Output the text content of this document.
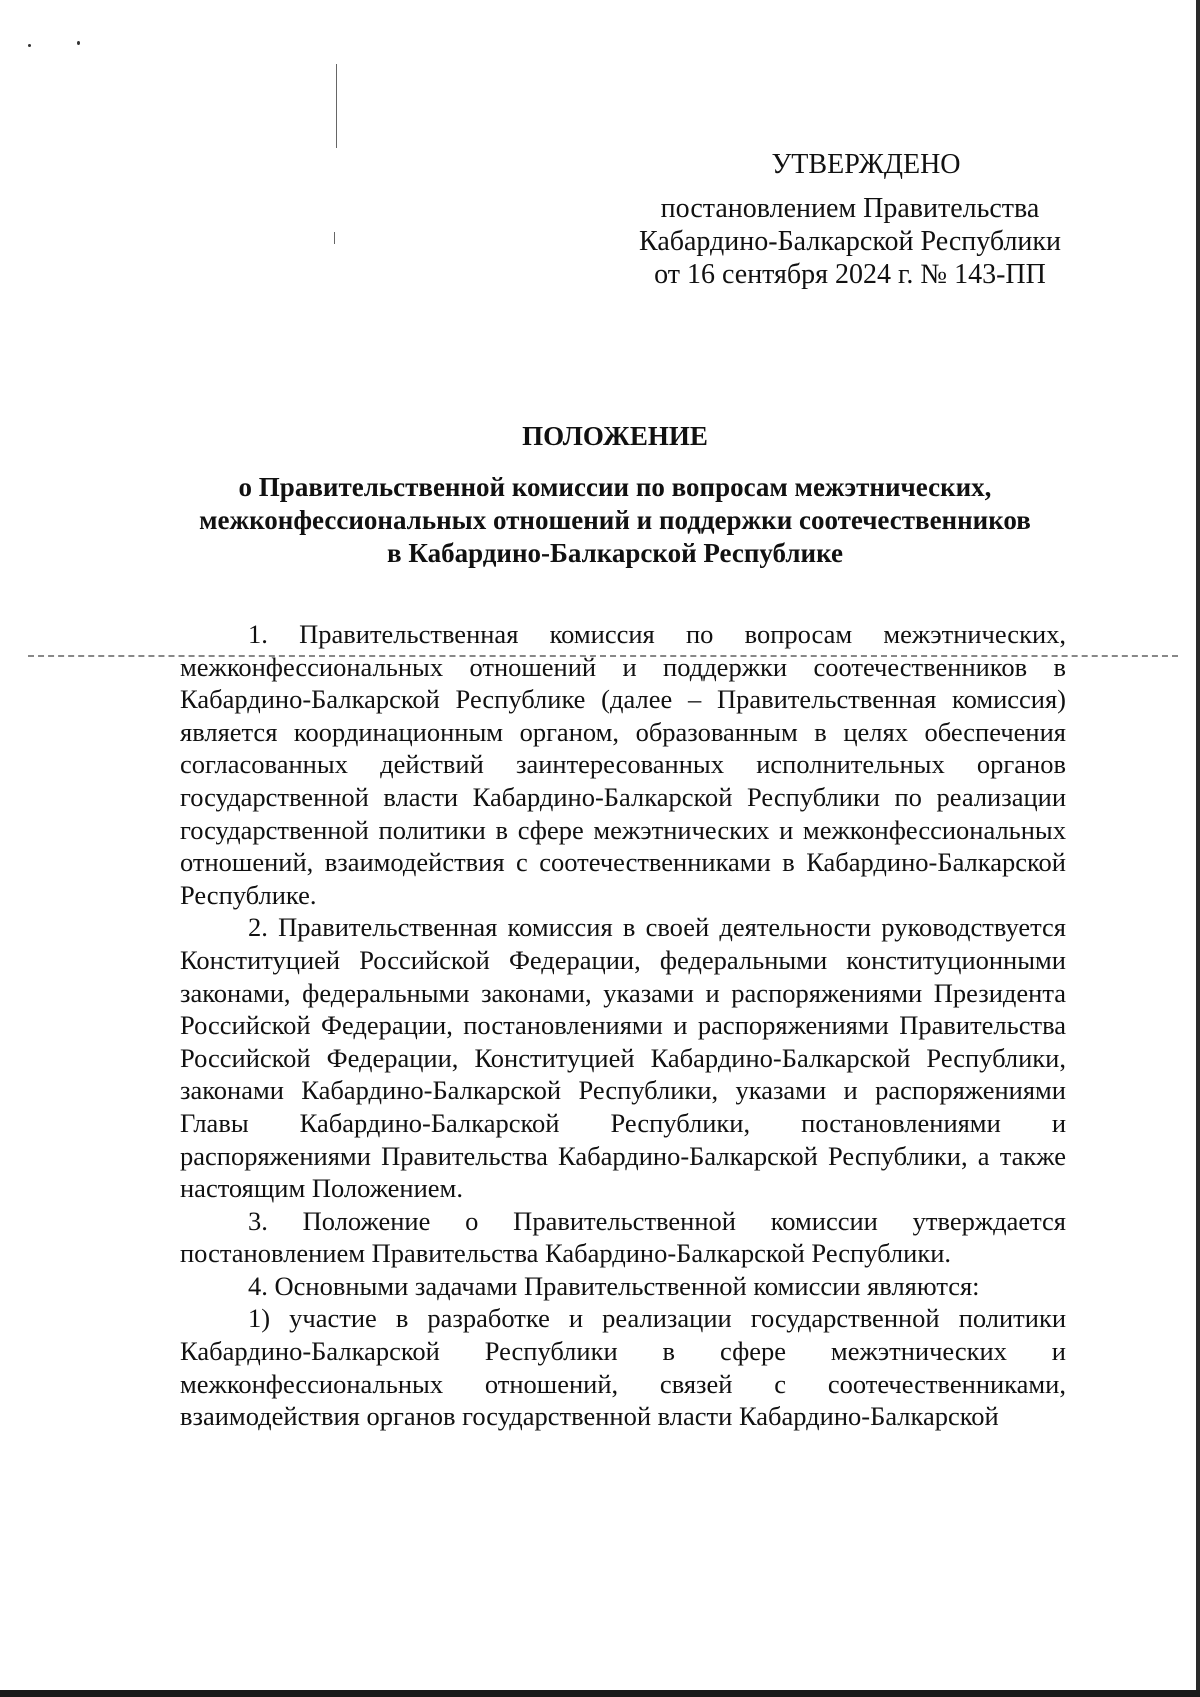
УТВЕРЖДЕНО
постановлением Правительства
Кабардино-Балкарской Республики
от 16 сентября 2024 г. № 143-ПП
ПОЛОЖЕНИЕ
о Правительственной комиссии по вопросам межэтнических,
межконфессиональных отношений и поддержки соотечественников
в Кабардино-Балкарской Республике

1. Правительственная комиссия по вопросам межэтнических, межконфессиональных отношений и поддержки соотечественников в Кабардино-Балкарской Республике (далее – Правительственная комиссия) является координационным органом, образованным в целях обеспечения согласованных действий заинтересованных исполнительных органов государственной власти Кабардино-Балкарской Республики по реализации государственной политики в сфере межэтнических и межконфессиональных отношений, взаимодействия с соотечественниками в Кабардино-Балкарской Республике.

2. Правительственная комиссия в своей деятельности руководствуется Конституцией Российской Федерации, федеральными конституционными законами, федеральными законами, указами и распоряжениями Президента Российской Федерации, постановлениями и распоряжениями Правительства Российской Федерации, Конституцией Кабардино-Балкарской Республики, законами Кабардино-Балкарской Республики, указами и распоряжениями Главы Кабардино-Балкарской Республики, постановлениями и распоряжениями Правительства Кабардино-Балкарской Республики, а также настоящим Положением.

3. Положение о Правительственной комиссии утверждается постановлением Правительства Кабардино-Балкарской Республики.

4. Основными задачами Правительственной комиссии являются:

1) участие в разработке и реализации государственной политики Кабардино-Балкарской Республики в сфере межэтнических и межконфессиональных отношений, связей с соотечественниками, взаимодействия органов государственной власти Кабардино-Балкарской
